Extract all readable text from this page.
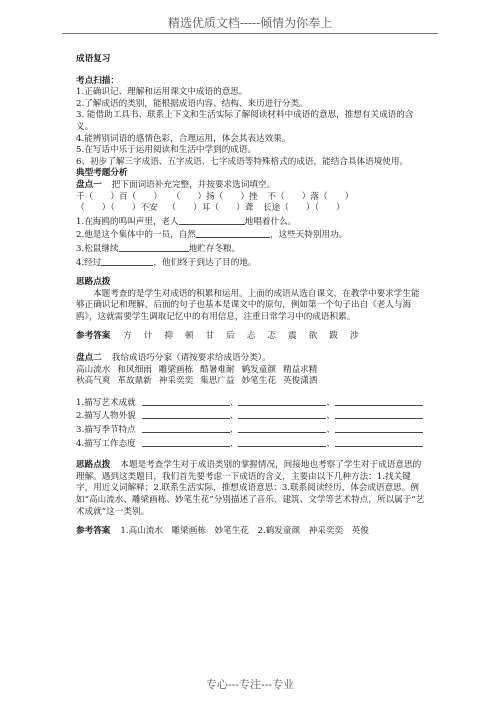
精选优质文档-----倾情为你奉上
成语复习
考点扫描：
1.正确识记、理解和运用课文中成语的意思。
2.了解成语的类别，能根据成语内容、结构、来历进行分类。
3. 能借助工具书、联系上下文和生活实际了解阅读材料中成语的意思，推想有关成语的含义。
4.能辨别词语的感情色彩，合理运用，体会其表达效果。
5.在写话中乐于运用阅读和生活中学到的成语。
6、初步了解三字成语、五字成语、七字成语等特殊格式的成语，能结合具体语境使用。
典型考题分析
盘点一 把下面词语补充完整，并按要求选词填空。
千（　　）百（　　） （　　）扬（　　）挫 不（　　）落（　　）
（　　）（　　）不安 （　　）耳（　　）聋 长途（　　）（　　）
1.在海鸥的鸣叫声里，老人	地唱着什么。
2.他是这个集体中的一员，自然	，这些天特别用功。
3.松鼠继续	地贮存冬粮。
4.经过	，他们终于到达了目的地。
思路点拨
本题考查的是学生对成语的积累和运用。上面的成语从选自课文，在教学中要求学生能够正确识记和理解，后面的句子也基本是课文中的原句，例如第一个句子出自《老人与海鸥》，这就需要学生调取记忆中的有用信息，注重日常学习中的成语积累。
参考答案 方 计 抑 顿 甘 后 忐 忑 震 欲 跋 涉
盘点二 我给成语巧分家（请按要求给成语分类）。
高山流水 和风细雨 雕梁画栋 酷暑难耐 鹤发童颜 精益求精
秋高气爽 革故鼎新 神采奕奕 集思广益 妙笔生花 英俊潇洒
1.描写艺术成就	、	、
2.描写人物外貌	、	、
3.描写季节特点	、	、
4.描写工作态度	、	、
思路点拨 本题是考查学生对于成语类别的掌握情况，间接地也考察了学生对于成语意思的理解。遇到这类题目，我们首先要考虑一下成语的含义，主要由以下几种方法：1.找关键字，用近义词解释；2.联系生活实际，推想成语意思；3.联系阅读经历，体会成语意思。例如“高山流水、雕梁画栋、妙笔生花”分别描述了音乐、建筑、文学等艺术特点，所以属于“艺术成就”这一类别。
参考答案 1.高山流水　雕梁画栋　妙笔生花　2.鹤发童颜　神采奕奕　英俊
专心---专注---专业
